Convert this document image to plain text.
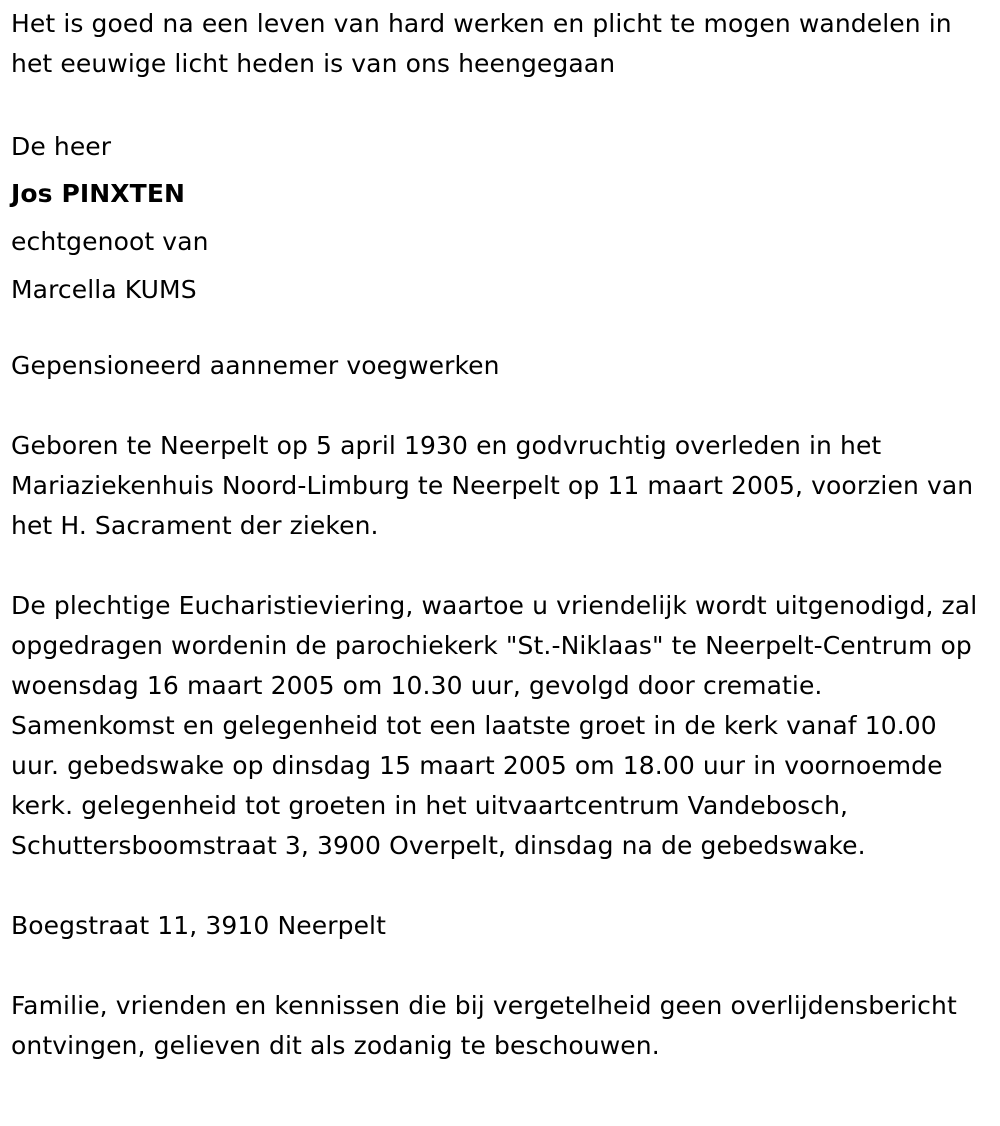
Het is goed na een leven van hard werken en plicht te mogen wandelen in het eeuwige licht heden is van ons heengegaan

De heer
Jos PINXTEN
echtgenoot van
Marcella KUMS

Gepensioneerd aannemer voegwerken

Geboren te Neerpelt op 5 april 1930 en godvruchtig overleden in het Mariaziekenhuis Noord-Limburg te Neerpelt op 11 maart 2005, voorzien van het H. Sacrament der zieken.

De plechtige Eucharistieviering, waartoe u vriendelijk wordt uitgenodigd, zal opgedragen wordenin de parochiekerk "St.-Niklaas" te Neerpelt-Centrum op woensdag 16 maart 2005 om 10.30 uur, gevolgd door crematie. Samenkomst en gelegenheid tot een laatste groet in de kerk vanaf 10.00 uur. gebedswake op dinsdag 15 maart 2005 om 18.00 uur in voornoemde kerk. gelegenheid tot groeten in het uitvaartcentrum Vandebosch, Schuttersboomstraat 3, 3900 Overpelt, dinsdag na de gebedswake.

Boegstraat 11, 3910 Neerpelt

Familie, vrienden en kennissen die bij vergetelheid geen overlijdensbericht ontvingen, gelieven dit als zodanig te beschouwen.
